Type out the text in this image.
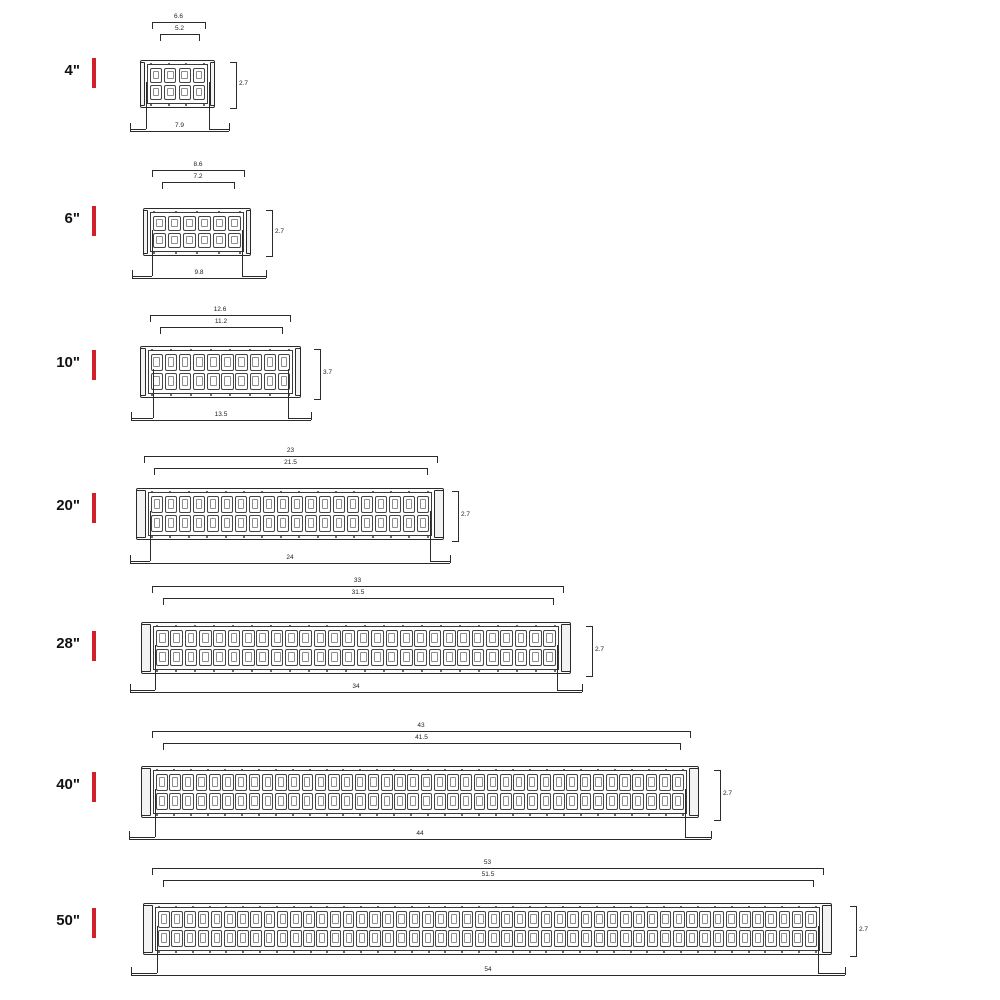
4"
6.6
5.2
7.9
2.7
6"
8.6
7.2
9.8
2.7
10"
12.6
11.2
13.5
3.7
20"
23
21.5
24
2.7
28"
33
31.5
34
2.7
40"
43
41.5
44
2.7
50"
53
51.5
54
2.7
